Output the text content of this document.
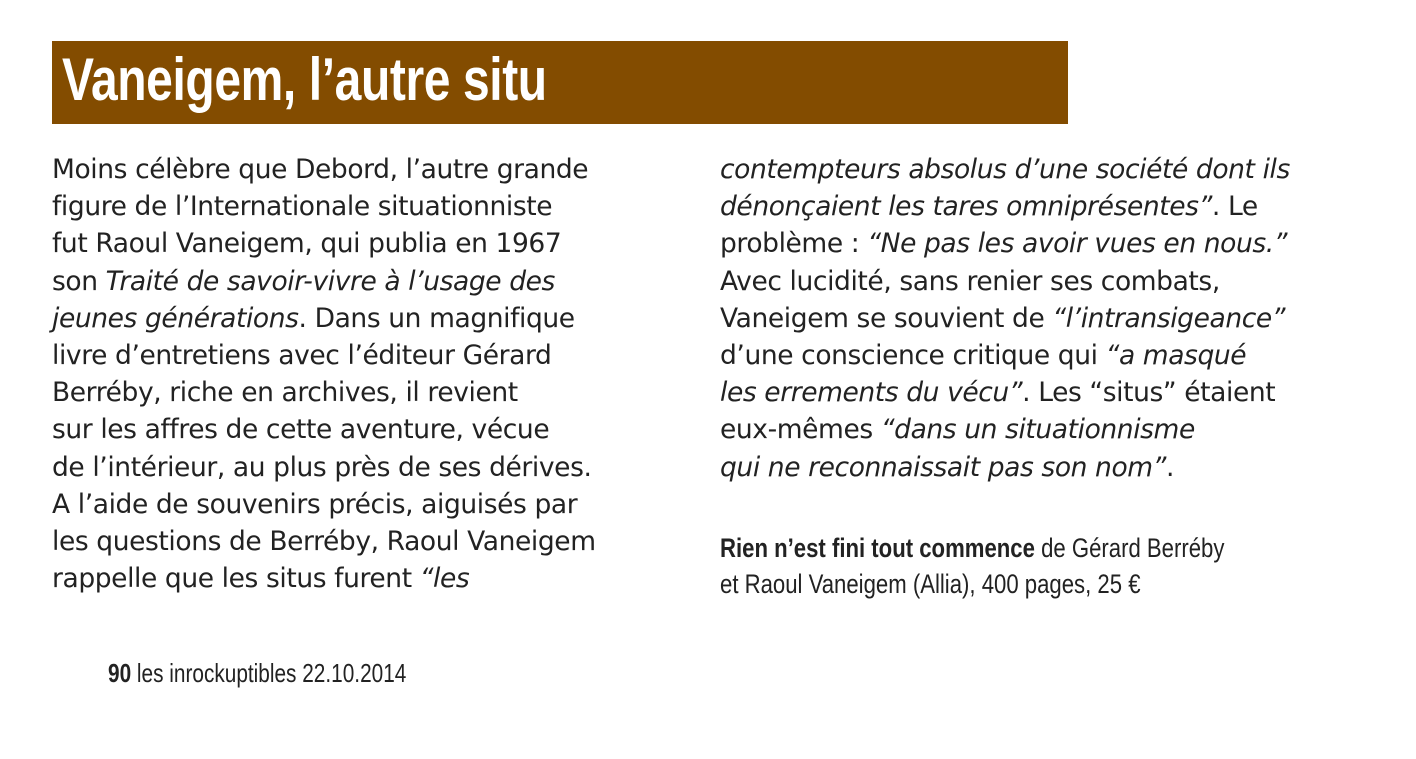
Vaneigem, l’autre situ
Moins célèbre que Debord, l’autre grande
figure de l’Internationale situationniste
fut Raoul Vaneigem, qui publia en 1967
son Traité de savoir-vivre à l’usage des
jeunes générations. Dans un magnifique
livre d’entretiens avec l’éditeur Gérard
Berréby, riche en archives, il revient
sur les affres de cette aventure, vécue
de l’intérieur, au plus près de ses dérives.
A l’aide de souvenirs précis, aiguisés par
les questions de Berréby, Raoul Vaneigem
rappelle que les situs furent “les
contempteurs absolus d’une société dont ils
dénonçaient les tares omniprésentes”. Le
problème : “Ne pas les avoir vues en nous.”
Avec lucidité, sans renier ses combats,
Vaneigem se souvient de “l’intransigeance”
d’une conscience critique qui “a masqué
les errements du vécu”. Les “situs” étaient
eux-mêmes “dans un situationnisme
qui ne reconnaissait pas son nom”.
Rien n’est fini tout commence de Gérard Berréby
et Raoul Vaneigem (Allia), 400 pages, 25 €
90 les inrockuptibles 22.10.2014
